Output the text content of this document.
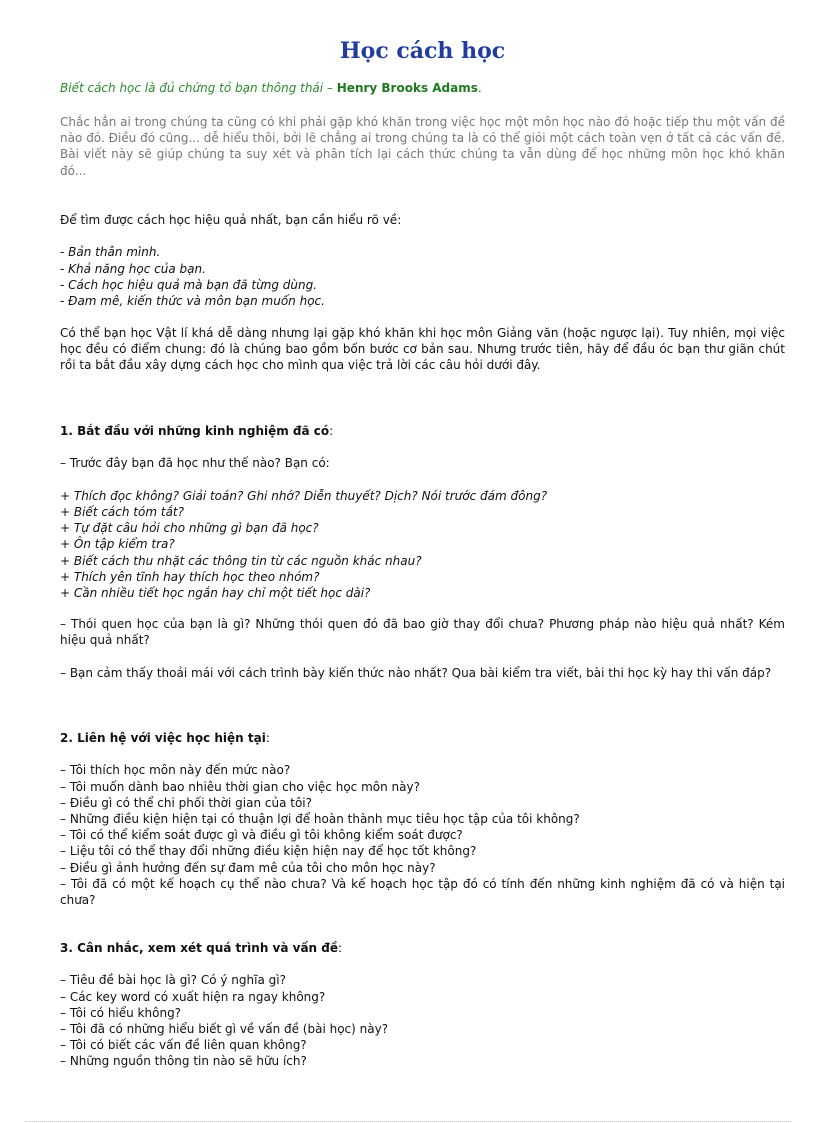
Học cách học
Biết cách học là đủ chứng tỏ bạn thông thái – Henry Brooks Adams.
Chắc hẳn ai trong chúng ta cũng có khi phải gặp khó khăn trong việc học một môn học nào đó hoặc tiếp thu một vấn đề nào đó. Điều đó cũng... dễ hiểu thôi, bởi lẽ chẳng ai trong chúng ta là có thể giỏi một cách toàn vẹn ở tất cả các vấn đề. Bài viết này sẽ giúp chúng ta suy xét và phân tích lại cách thức chúng ta vẫn dùng để học những môn học khó khăn đó...
Để tìm được cách học hiệu quả nhất, bạn cần hiểu rõ về:
- Bản thân mình.
- Khả năng học của bạn.
- Cách học hiệu quả mà bạn đã từng dùng.
- Đam mê, kiến thức và môn bạn muốn học.
Có thể bạn học Vật lí khá dễ dàng nhưng lại gặp khó khăn khi học môn Giảng văn (hoặc ngược lại). Tuy nhiên, mọi việc học đều có điểm chung: đó là chúng bao gồm bốn bước cơ bản sau. Nhưng trước tiên, hãy để đầu óc bạn thư giãn chút rồi ta bắt đầu xây dựng cách học cho mình qua việc trả lời các câu hỏi dưới đây.
1. Bắt đầu với những kinh nghiệm đã có:
– Trước đây bạn đã học như thế nào? Bạn có:
+ Thích đọc không? Giải toán? Ghi nhớ? Diễn thuyết? Dịch? Nói trước đám đông?
+ Biết cách tóm tắt?
+ Tự đặt câu hỏi cho những gì bạn đã học?
+ Ôn tập kiểm tra?
+ Biết cách thu nhặt các thông tin từ các nguồn khác nhau?
+ Thích yên tĩnh hay thích học theo nhóm?
+ Cần nhiều tiết học ngắn hay chỉ một tiết học dài?
– Thói quen học của bạn là gì? Những thói quen đó đã bao giờ thay đổi chưa? Phương pháp nào hiệu quả nhất? Kém hiệu quả nhất?
– Bạn cảm thấy thoải mái với cách trình bày kiến thức nào nhất? Qua bài kiểm tra viết, bài thi học kỳ hay thi vấn đáp?
2. Liên hệ với việc học hiện tại:
– Tôi thích học môn này đến mức nào?
– Tôi muốn dành bao nhiêu thời gian cho việc học môn này?
– Điều gì có thể chi phối thời gian của tôi?
– Những điều kiện hiện tại có thuận lợi để hoàn thành mục tiêu học tập của tôi không?
– Tôi có thể kiểm soát được gì và điều gì tôi không kiểm soát được?
– Liệu tôi có thể thay đổi những điều kiện hiện nay để học tốt không?
– Điều gì ảnh hưởng đến sự đam mê của tôi cho môn học này?
– Tôi đã có một kế hoạch cụ thể nào chưa? Và kế hoạch học tập đó có tính đến những kinh nghiệm đã có và hiện tại chưa?
3. Cân nhắc, xem xét quá trình và vấn đề:
– Tiêu đề bài học là gì? Có ý nghĩa gì?
– Các key word có xuất hiện ra ngay không?
– Tôi có hiểu không?
– Tôi đã có những hiểu biết gì về vấn đề (bài học) này?
– Tôi có biết các vấn đề liên quan không?
– Những nguồn thông tin nào sẽ hữu ích?
